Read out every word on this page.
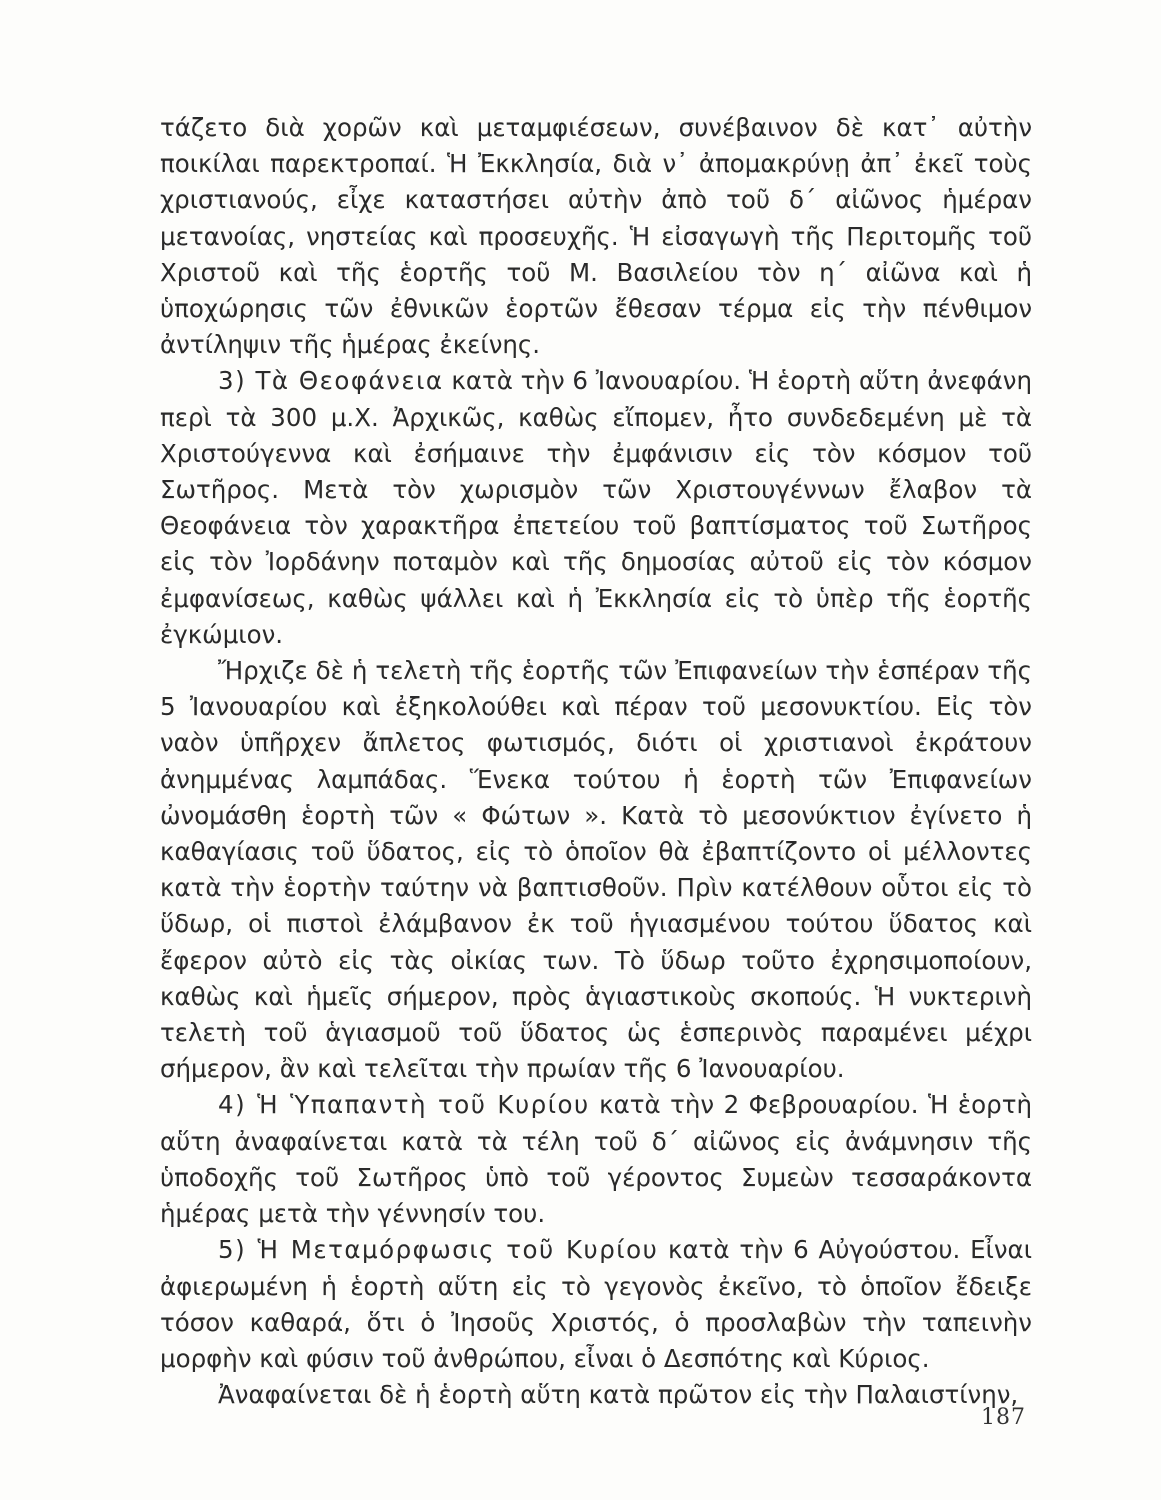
τάζετο διὰ χορῶν καὶ μεταμφιέσεων, συνέβαινον δὲ κατ᾿ αὐτὴν ποικίλαι παρεκτροπαί. Ἡ Ἐκκλησία, διὰ ν᾿ ἀπομακρύνῃ ἀπ᾿ ἐκεῖ τοὺς χριστιανούς, εἶχε καταστήσει αὐτὴν ἀπὸ τοῦ δ΄ αἰῶνος ἡμέραν μετανοίας, νηστείας καὶ προσευχῆς. Ἡ εἰσαγωγὴ τῆς Περιτομῆς τοῦ Χριστοῦ καὶ τῆς ἑορτῆς τοῦ Μ. Βασιλείου τὸν η΄ αἰῶνα καὶ ἡ ὑποχώρησις τῶν ἐθνικῶν ἑορτῶν ἔθεσαν τέρμα εἰς τὴν πένθιμον ἀντίληψιν τῆς ἡμέρας ἐκείνης.

3) Τὰ Θεοφάνεια κατὰ τὴν 6 Ἰανουαρίου. Ἡ ἑορτὴ αὕτη ἀνεφάνη περὶ τὰ 300 μ.Χ. Ἀρχικῶς, καθὼς εἴπομεν, ἦτο συνδεδεμένη μὲ τὰ Χριστούγεννα καὶ ἐσήμαινε τὴν ἐμφάνισιν εἰς τὸν κόσμον τοῦ Σωτῆρος. Μετὰ τὸν χωρισμὸν τῶν Χριστουγέννων ἔλαβον τὰ Θεοφάνεια τὸν χαρακτῆρα ἐπετείου τοῦ βαπτίσματος τοῦ Σωτῆρος εἰς τὸν Ἰορδάνην ποταμὸν καὶ τῆς δημοσίας αὐτοῦ εἰς τὸν κόσμον ἐμφανίσεως, καθὼς ψάλλει καὶ ἡ Ἐκκλησία εἰς τὸ ὑπὲρ τῆς ἑορτῆς ἐγκώμιον.

Ἤρχιζε δὲ ἡ τελετὴ τῆς ἑορτῆς τῶν Ἐπιφανείων τὴν ἑσπέραν τῆς 5 Ἰανουαρίου καὶ ἐξηκολούθει καὶ πέραν τοῦ μεσονυκτίου. Εἰς τὸν ναὸν ὑπῆρχεν ἄπλετος φωτισμός, διότι οἱ χριστιανοὶ ἐκράτουν ἀνημμένας λαμπάδας. Ἕνεκα τούτου ἡ ἑορτὴ τῶν Ἐπιφανείων ὠνομάσθη ἑορτὴ τῶν « Φώτων ». Κατὰ τὸ μεσονύκτιον ἐγίνετο ἡ καθαγίασις τοῦ ὕδατος, εἰς τὸ ὁποῖον θὰ ἐβαπτίζοντο οἱ μέλλοντες κατὰ τὴν ἑορτὴν ταύτην νὰ βαπτισθοῦν. Πρὶν κατέλθουν οὗτοι εἰς τὸ ὕδωρ, οἱ πιστοὶ ἐλάμβανον ἐκ τοῦ ἡγιασμένου τούτου ὕδατος καὶ ἔφερον αὐτὸ εἰς τὰς οἰκίας των. Τὸ ὕδωρ τοῦτο ἐχρησιμοποίουν, καθὼς καὶ ἡμεῖς σήμερον, πρὸς ἁγιαστικοὺς σκοπούς. Ἡ νυκτερινὴ τελετὴ τοῦ ἁγιασμοῦ τοῦ ὕδατος ὡς ἑσπερινὸς παραμένει μέχρι σήμερον, ἂν καὶ τελεῖται τὴν πρωίαν τῆς 6 Ἰανουαρίου.

4) Ἡ Ὑπαπαντὴ τοῦ Κυρίου κατὰ τὴν 2 Φεβρουαρίου. Ἡ ἑορτὴ αὕτη ἀναφαίνεται κατὰ τὰ τέλη τοῦ δ΄ αἰῶνος εἰς ἀνάμνησιν τῆς ὑποδοχῆς τοῦ Σωτῆρος ὑπὸ τοῦ γέροντος Συμεὼν τεσσαράκοντα ἡμέρας μετὰ τὴν γέννησίν του.

5) Ἡ Μεταμόρφωσις τοῦ Κυρίου κατὰ τὴν 6 Αὐγούστου. Εἶναι ἀφιερωμένη ἡ ἑορτὴ αὕτη εἰς τὸ γεγονὸς ἐκεῖνο, τὸ ὁποῖον ἔδειξε τόσον καθαρά, ὅτι ὁ Ἰησοῦς Χριστός, ὁ προσλαβὼν τὴν ταπεινὴν μορφὴν καὶ φύσιν τοῦ ἀνθρώπου, εἶναι ὁ Δεσπότης καὶ Κύριος.

Ἀναφαίνεται δὲ ἡ ἑορτὴ αὕτη κατὰ πρῶτον εἰς τὴν Παλαιστίνην,

187
